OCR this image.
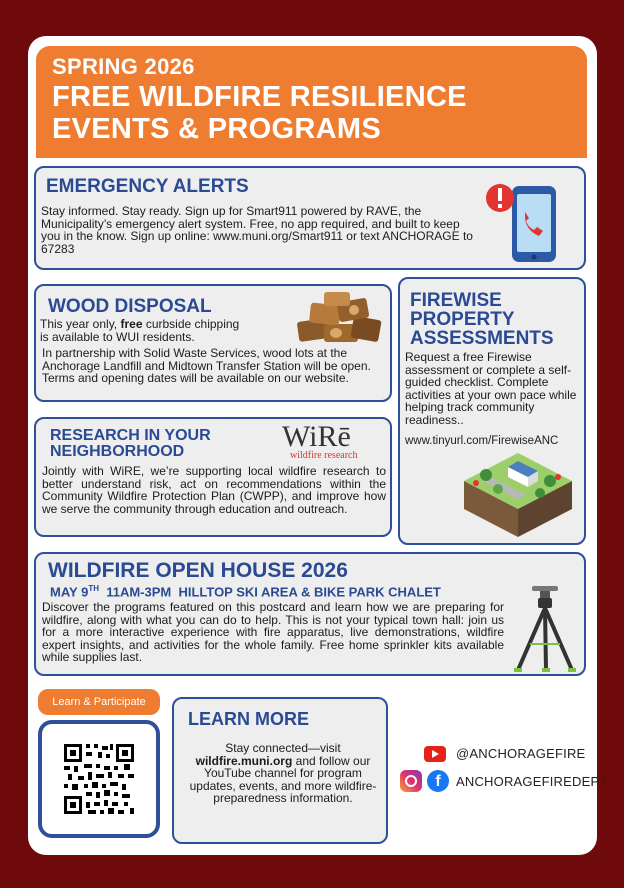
SPRING 2026
FREE WILDFIRE RESILIENCE
EVENTS & PROGRAMS
EMERGENCY ALERTS

Stay informed. Stay ready. Sign up for Smart911 powered by RAVE, the Municipality’s emergency alert system. Free, no app required, and built to keep you in the know. Sign up online: www.muni.org/Smart911 or text ANCHORAGE to 67283

WOOD DISPOSAL

This year only, free curbside chipping is available to WUI residents.

In partnership with Solid Waste Services, wood lots at the Anchorage Landfill and Midtown Transfer Station will be open. Terms and opening dates will be available on our website.

FIREWISE
PROPERTY
ASSESSMENTS

Request a free Firewise assessment or complete a self-guided checklist. Complete activities at your own pace while helping track community readiness..

www.tinyurl.com/FirewiseANC

RESEARCH IN YOUR
NEIGHBORHOOD	WiRē
wildfire research

Jointly with WiRE, we’re supporting local wildfire research to better understand risk, act on recommendations within the Community Wildfire Protection Plan (CWPP), and improve how we serve the community through education and outreach.

WILDFIRE OPEN HOUSE 2026
MAY 9TH  11AM-3PM  HILLTOP SKI AREA & BIKE PARK CHALET

Discover the programs featured on this postcard and learn how we are preparing for wildfire, along with what you can do to help. This is not your typical town hall: join us for a more interactive experience with fire apparatus, live demonstrations, wildfire expert insights, and activities for the whole family. Free home sprinkler kits available while supplies last.

Learn & Participate
LEARN MORE

Stay connected—visit wildfire.muni.org and follow our YouTube channel for program updates, events, and more wildfire-preparedness information.

@ANCHORAGEFIRE
f	ANCHORAGEFIREDEPT
